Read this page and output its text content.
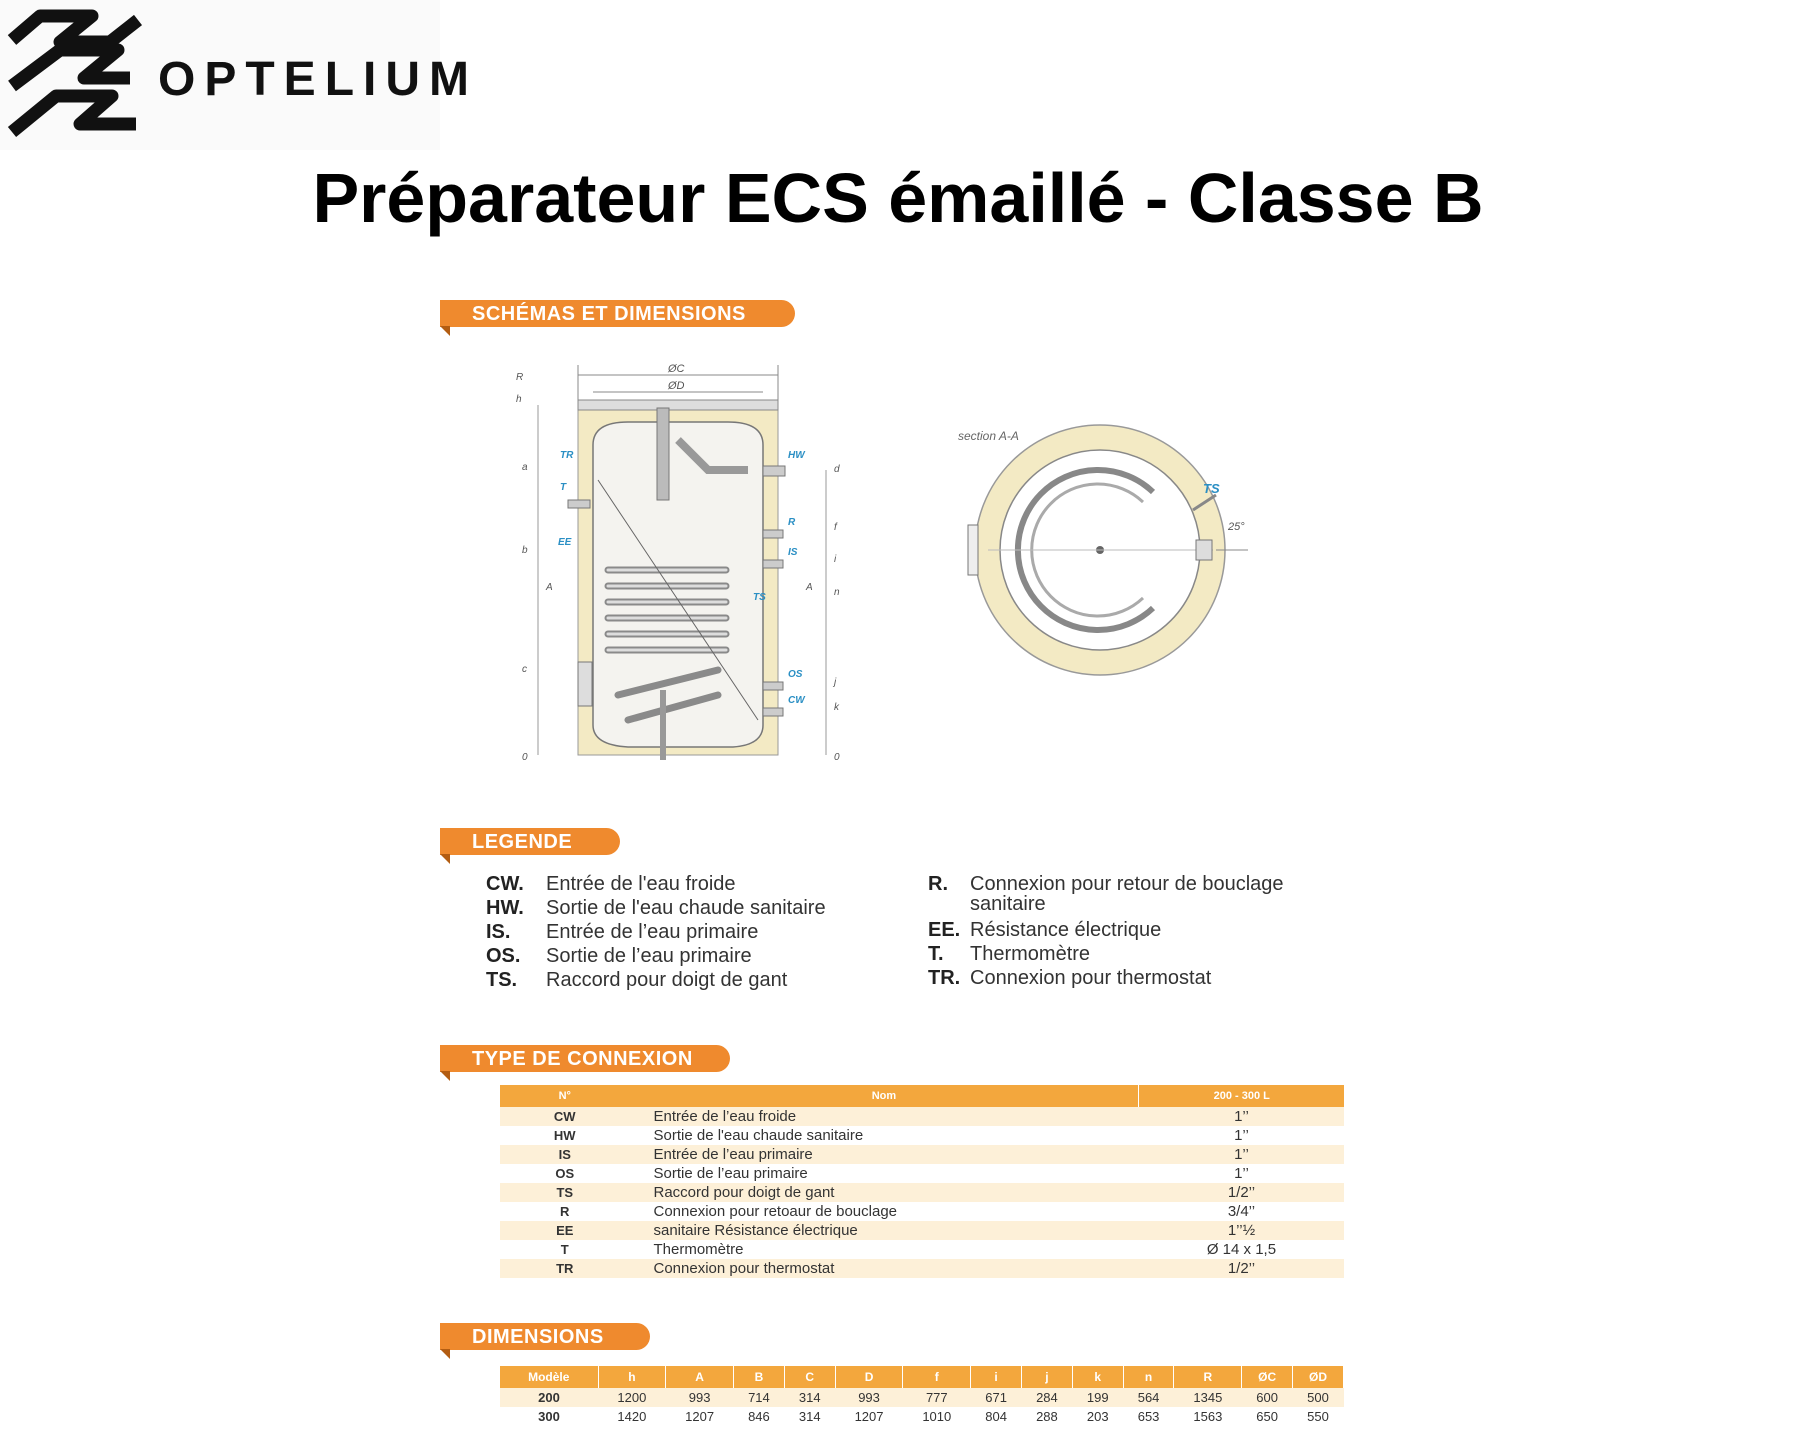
OPTELIUM
Préparateur ECS émaillé - Classe B
SCHÉMAS ET DIMENSIONS
ØC
ØD
R
h
a
b
c
0
A
d
f
i
n
j
k
0
A
TR
T
EE
HW
R
IS
TS
OS
CW
section A-A
TS
25°
LEGENDE
CW. Entrée de l'eau froide
HW. Sortie de l'eau chaude sanitaire
IS. Entrée de l’eau primaire
OS. Sortie de l’eau primaire
TS. Raccord pour doigt de gant
R. Connexion pour retour de bouclage
sanitaire
EE. Résistance électrique
T. Thermomètre
TR. Connexion pour thermostat
TYPE DE CONNEXION
N°	Nom	200 - 300 L
CW	Entrée de l’eau froide	1’’
HW	Sortie de l'eau chaude sanitaire	1’’
IS	Entrée de l’eau primaire	1’’
OS	Sortie de l’eau primaire	1’’
TS	Raccord pour doigt de gant	1/2’’
R	Connexion pour retoaur de bouclage	3/4’’
EE	sanitaire Résistance électrique	1’’½
T	Thermomètre	Ø 14 x 1,5
TR	Connexion pour thermostat	1/2’’
DIMENSIONS
Modèle	h	A	B	C	D	f	i	j	k	n	R	ØC	ØD
200	1200	993	714	314	993	777	671	284	199	564	1345	600	500
300	1420	1207	846	314	1207	1010	804	288	203	653	1563	650	550
